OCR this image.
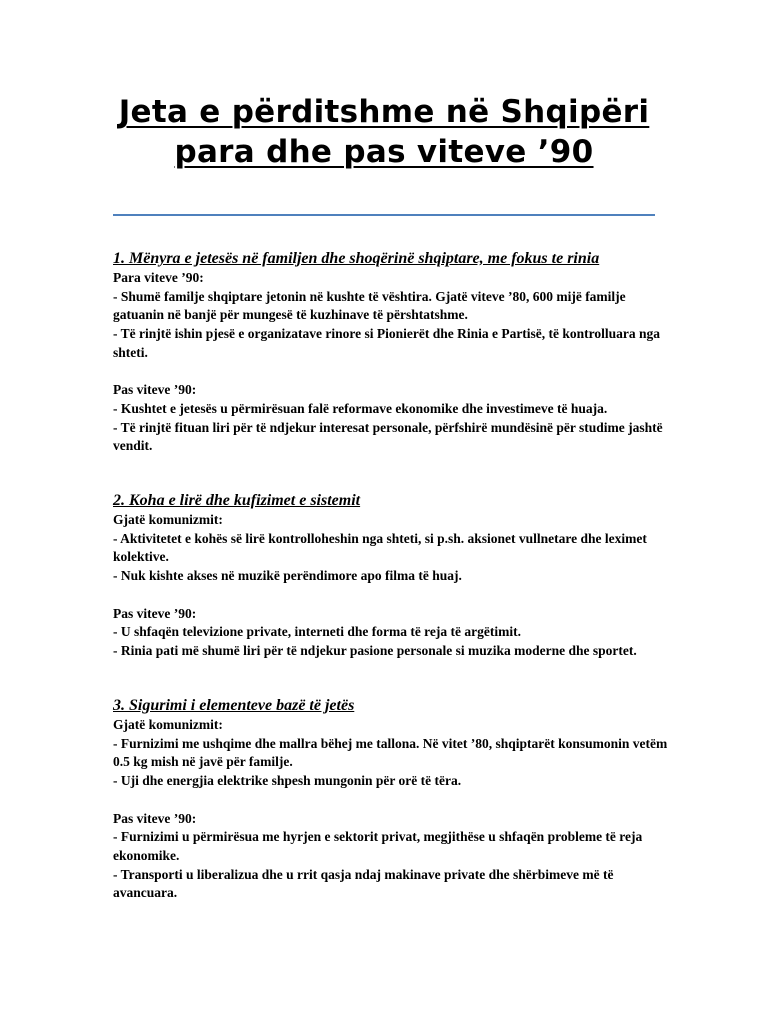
Jeta e përditshme në Shqipëri para dhe pas viteve ’90
1. Mënyra e jetesës në familjen dhe shoqërinë shqiptare, me fokus te rinia
Para viteve ’90:
- Shumë familje shqiptare jetonin në kushte të vështira. Gjatë viteve ’80, 600 mijë familje gatuanin në banjë për mungesë të kuzhinave të përshtatshme.
- Të rinjtë ishin pjesë e organizatave rinore si Pionierët dhe Rinia e Partisë, të kontrolluara nga shteti.
Pas viteve ’90:
- Kushtet e jetesës u përmirësuan falë reformave ekonomike dhe investimeve të huaja.
- Të rinjtë fituan liri për të ndjekur interesat personale, përfshirë mundësinë për studime jashtë vendit.
2. Koha e lirë dhe kufizimet e sistemit
Gjatë komunizmit:
- Aktivitetet e kohës së lirë kontrolloheshin nga shteti, si p.sh. aksionet vullnetare dhe leximet kolektive.
- Nuk kishte akses në muzikë perëndimore apo filma të huaj.
Pas viteve ’90:
- U shfaqën televizione private, interneti dhe forma të reja të argëtimit.
- Rinia pati më shumë liri për të ndjekur pasione personale si muzika moderne dhe sportet.
3. Sigurimi i elementeve bazë të jetës
Gjatë komunizmit:
- Furnizimi me ushqime dhe mallra bëhej me tallona. Në vitet ’80, shqiptarët konsumonin vetëm 0.5 kg mish në javë për familje.
- Uji dhe energjia elektrike shpesh mungonin për orë të tëra.
Pas viteve ’90:
- Furnizimi u përmirësua me hyrjen e sektorit privat, megjithëse u shfaqën probleme të reja ekonomike.
- Transporti u liberalizua dhe u rrit qasja ndaj makinave private dhe shërbimeve më të avancuara.
